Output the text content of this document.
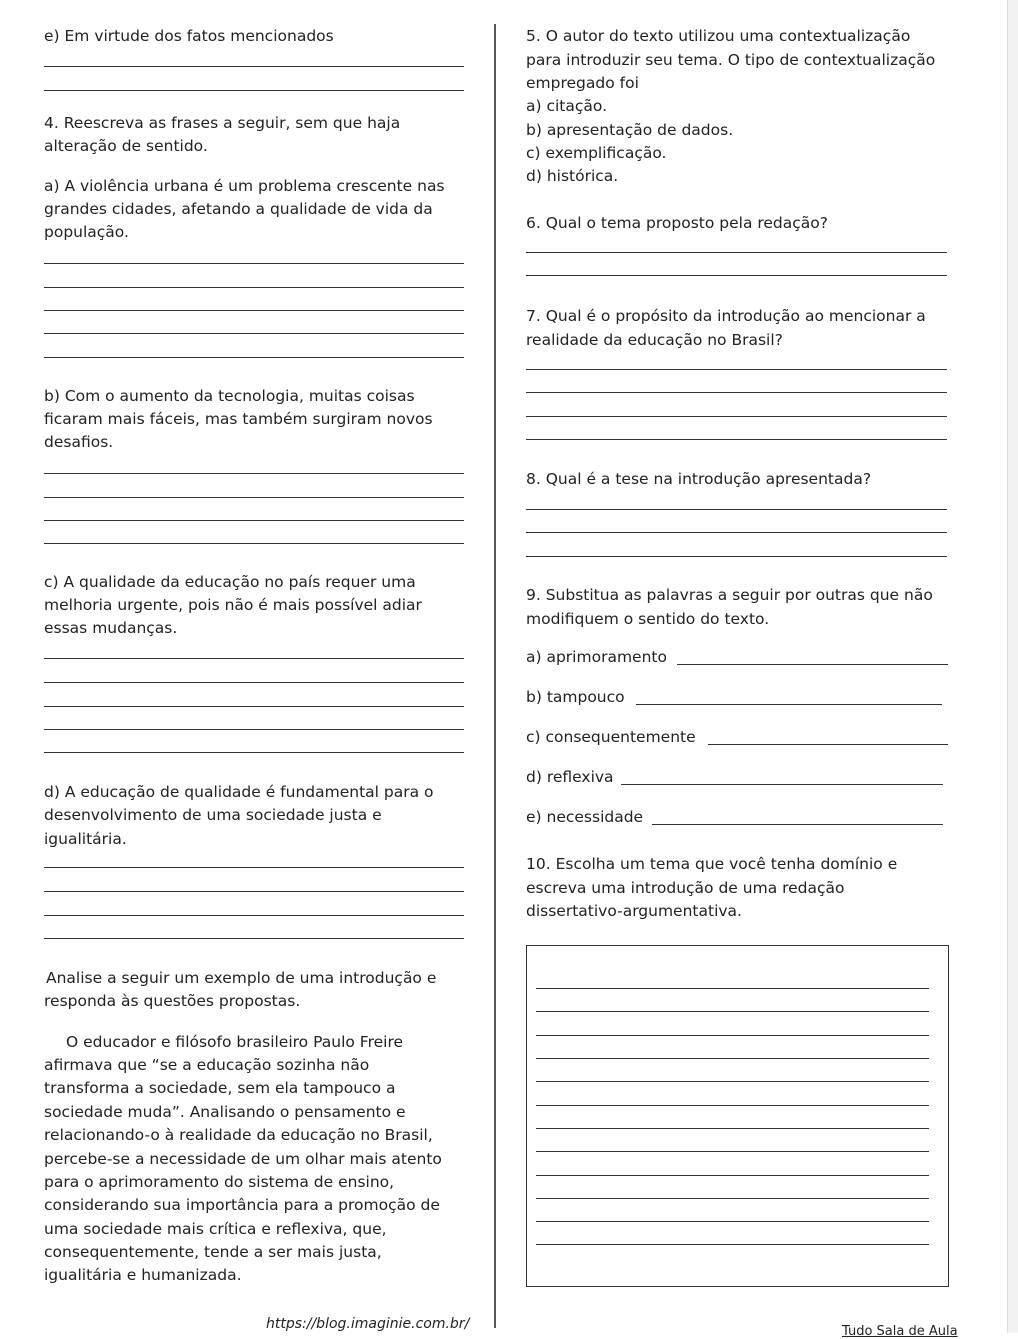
e) Em virtude dos fatos mencionados

4. Reescreva as frases a seguir, sem que haja

alteração de sentido.

a) A violência urbana é um problema crescente nas

grandes cidades, afetando a qualidade de vida da

população.

b) Com o aumento da tecnologia, muitas coisas

ficaram mais fáceis, mas também surgiram novos

desafios.

c) A qualidade da educação no país requer uma

melhoria urgente, pois não é mais possível adiar

essas mudanças.

d) A educação de qualidade é fundamental para o

desenvolvimento de uma sociedade justa e

igualitária.

Analise a seguir um exemplo de uma introdução e

responda às questões propostas.

O educador e filósofo brasileiro Paulo Freire

afirmava que “se a educação sozinha não

transforma a sociedade, sem ela tampouco a

sociedade muda”. Analisando o pensamento e

relacionando-o à realidade da educação no Brasil,

percebe-se a necessidade de um olhar mais atento

para o aprimoramento do sistema de ensino,

considerando sua importância para a promoção de

uma sociedade mais crítica e reflexiva, que,

consequentemente, tende a ser mais justa,

igualitária e humanizada.

https://blog.imaginie.com.br/

5. O autor do texto utilizou uma contextualização

para introduzir seu tema. O tipo de contextualização

empregado foi

a) citação.

b) apresentação de dados.

c) exemplificação.

d) histórica.

6. Qual o tema proposto pela redação?

7. Qual é o propósito da introdução ao mencionar a

realidade da educação no Brasil?

8. Qual é a tese na introdução apresentada?

9. Substitua as palavras a seguir por outras que não

modifiquem o sentido do texto.

a) aprimoramento

b) tampouco

c) consequentemente

d) reflexiva

e) necessidade

10. Escolha um tema que você tenha domínio e

escreva uma introdução de uma redação

dissertativo-argumentativa.

Tudo Sala de Aula
